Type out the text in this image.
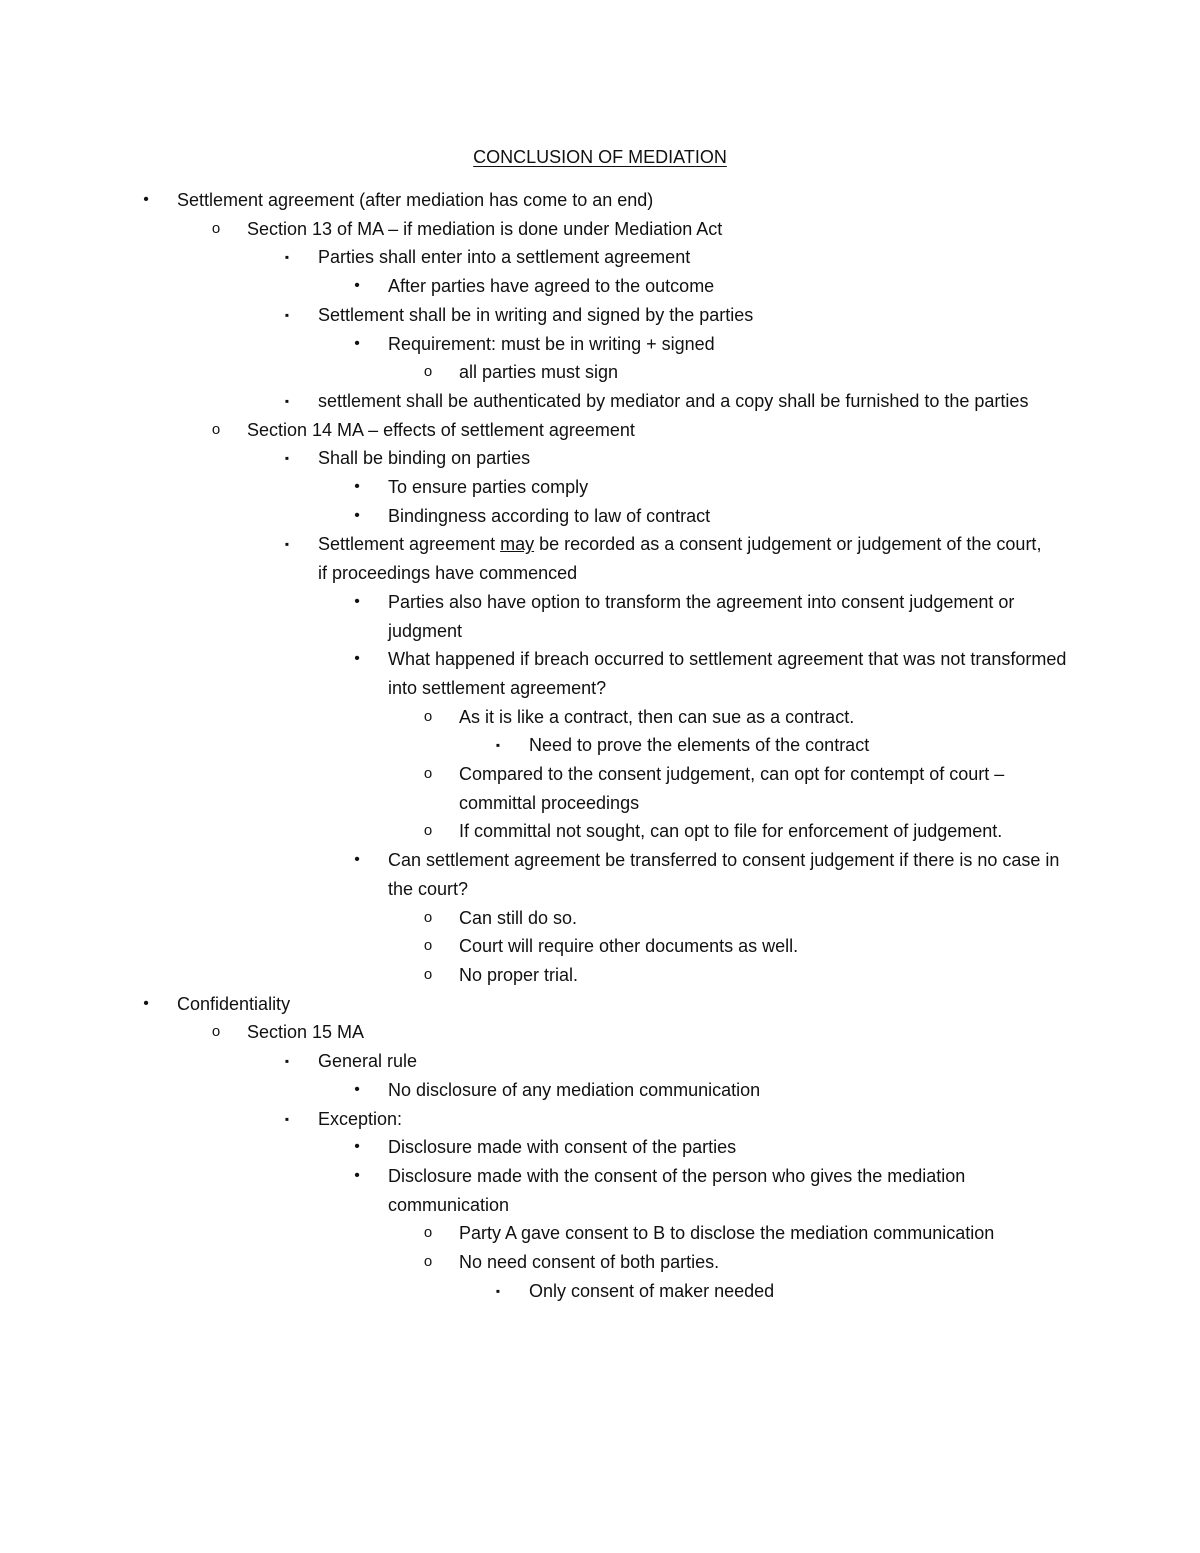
CONCLUSION OF MEDIATION
• Settlement agreement (after mediation has come to an end)
o Section 13 of MA – if mediation is done under Mediation Act
▪ Parties shall enter into a settlement agreement
• After parties have agreed to the outcome
▪ Settlement shall be in writing and signed by the parties
• Requirement: must be in writing + signed
o all parties must sign
▪ settlement shall be authenticated by mediator and a copy shall be furnished to the parties
o Section 14 MA – effects of settlement agreement
▪ Shall be binding on parties
• To ensure parties comply
• Bindingness according to law of contract
▪ Settlement agreement may be recorded as a consent judgement or judgement of the court, if proceedings have commenced
• Parties also have option to transform the agreement into consent judgement or judgment
• What happened if breach occurred to settlement agreement that was not transformed into settlement agreement?
o As it is like a contract, then can sue as a contract.
▪ Need to prove the elements of the contract
o Compared to the consent judgement, can opt for contempt of court – committal proceedings
o If committal not sought, can opt to file for enforcement of judgement.
• Can settlement agreement be transferred to consent judgement if there is no case in the court?
o Can still do so.
o Court will require other documents as well.
o No proper trial.
• Confidentiality
o Section 15 MA
▪ General rule
• No disclosure of any mediation communication
▪ Exception:
• Disclosure made with consent of the parties
• Disclosure made with the consent of the person who gives the mediation communication
o Party A gave consent to B to disclose the mediation communication
o No need consent of both parties.
▪ Only consent of maker needed
